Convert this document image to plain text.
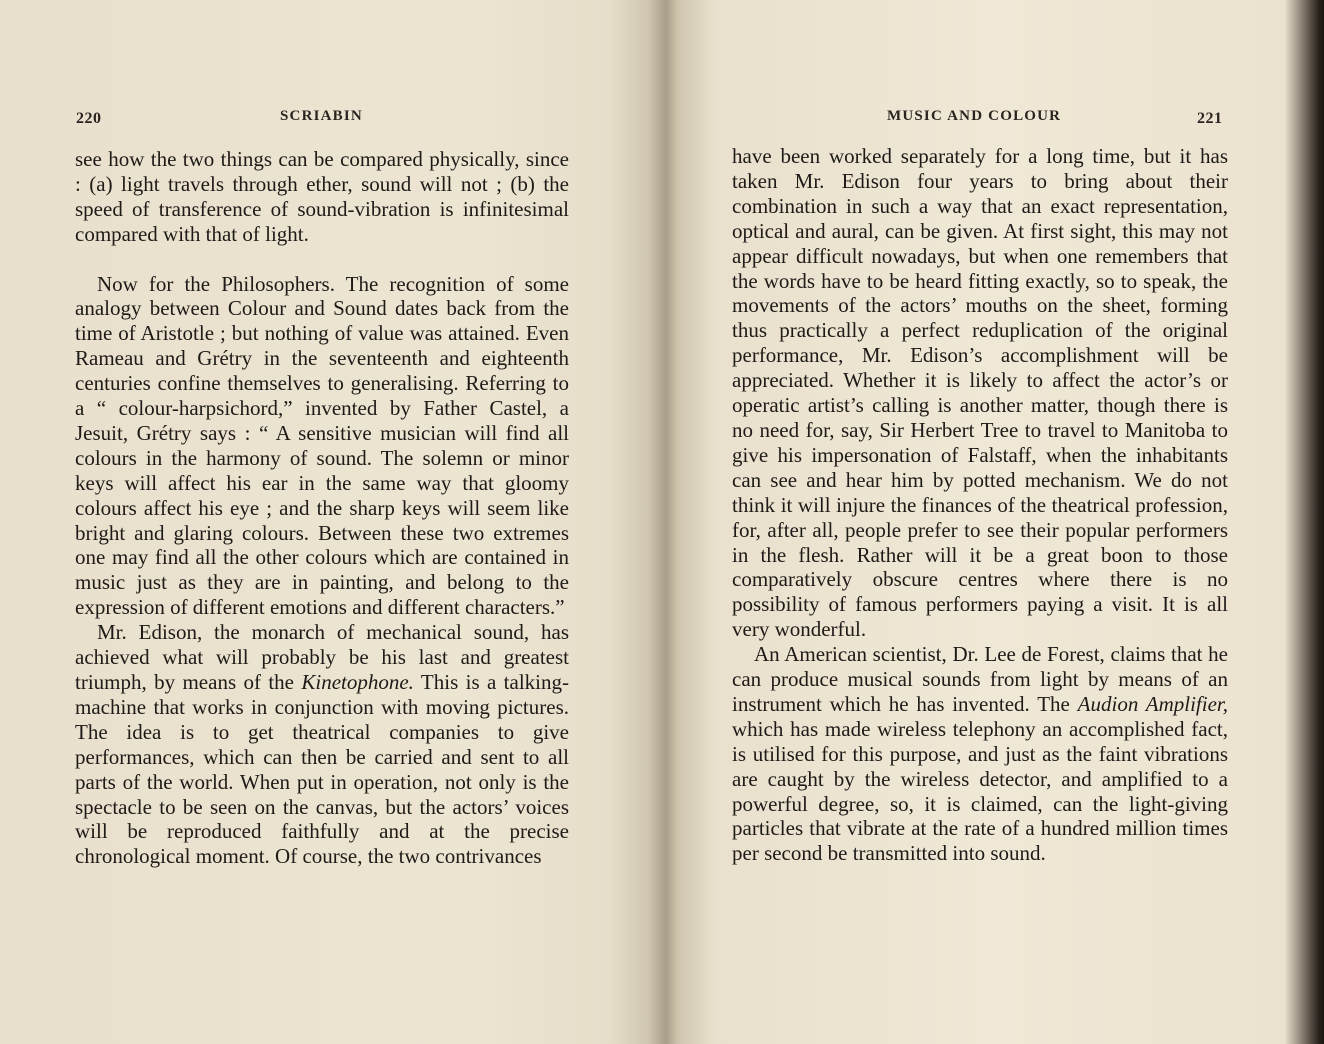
220	SCRIABIN

see how the two things can be compared physically, since : (a) light travels through ether, sound will not ; (b) the speed of transference of sound-vibration is infinitesimal compared with that of light.

Now for the Philosophers. The recognition of some analogy between Colour and Sound dates back from the time of Aristotle ; but nothing of value was attained. Even Rameau and Grétry in the seventeenth and eighteenth centuries confine themselves to generalising. Referring to a “ colour-harpsichord,” invented by Father Castel, a Jesuit, Grétry says : “ A sensitive musician will find all colours in the harmony of sound. The solemn or minor keys will affect his ear in the same way that gloomy colours affect his eye ; and the sharp keys will seem like bright and glaring colours. Between these two extremes one may find all the other colours which are contained in music just as they are in painting, and belong to the expression of different emotions and different characters.”

Mr. Edison, the monarch of mechanical sound, has achieved what will probably be his last and greatest triumph, by means of the Kinetophone. This is a talking-machine that works in conjunction with moving pictures. The idea is to get theatrical companies to give performances, which can then be carried and sent to all parts of the world. When put in operation, not only is the spectacle to be seen on the canvas, but the actors’ voices will be reproduced faithfully and at the precise chronological moment. Of course, the two contrivances

MUSIC AND COLOUR	221

have been worked separately for a long time, but it has taken Mr. Edison four years to bring about their combination in such a way that an exact representation, optical and aural, can be given. At first sight, this may not appear difficult nowadays, but when one remembers that the words have to be heard fitting exactly, so to speak, the movements of the actors’ mouths on the sheet, forming thus practically a perfect reduplication of the original performance, Mr. Edison’s accomplishment will be appreciated. Whether it is likely to affect the actor’s or operatic artist’s calling is another matter, though there is no need for, say, Sir Herbert Tree to travel to Manitoba to give his impersonation of Falstaff, when the inhabitants can see and hear him by potted mechanism. We do not think it will injure the finances of the theatrical profession, for, after all, people prefer to see their popular performers in the flesh. Rather will it be a great boon to those comparatively obscure centres where there is no possibility of famous performers paying a visit. It is all very wonderful.

An American scientist, Dr. Lee de Forest, claims that he can produce musical sounds from light by means of an instrument which he has invented. The Audion Amplifier, which has made wireless telephony an accomplished fact, is utilised for this purpose, and just as the faint vibrations are caught by the wireless detector, and amplified to a powerful degree, so, it is claimed, can the light-giving particles that vibrate at the rate of a hundred million times per second be transmitted into sound.
